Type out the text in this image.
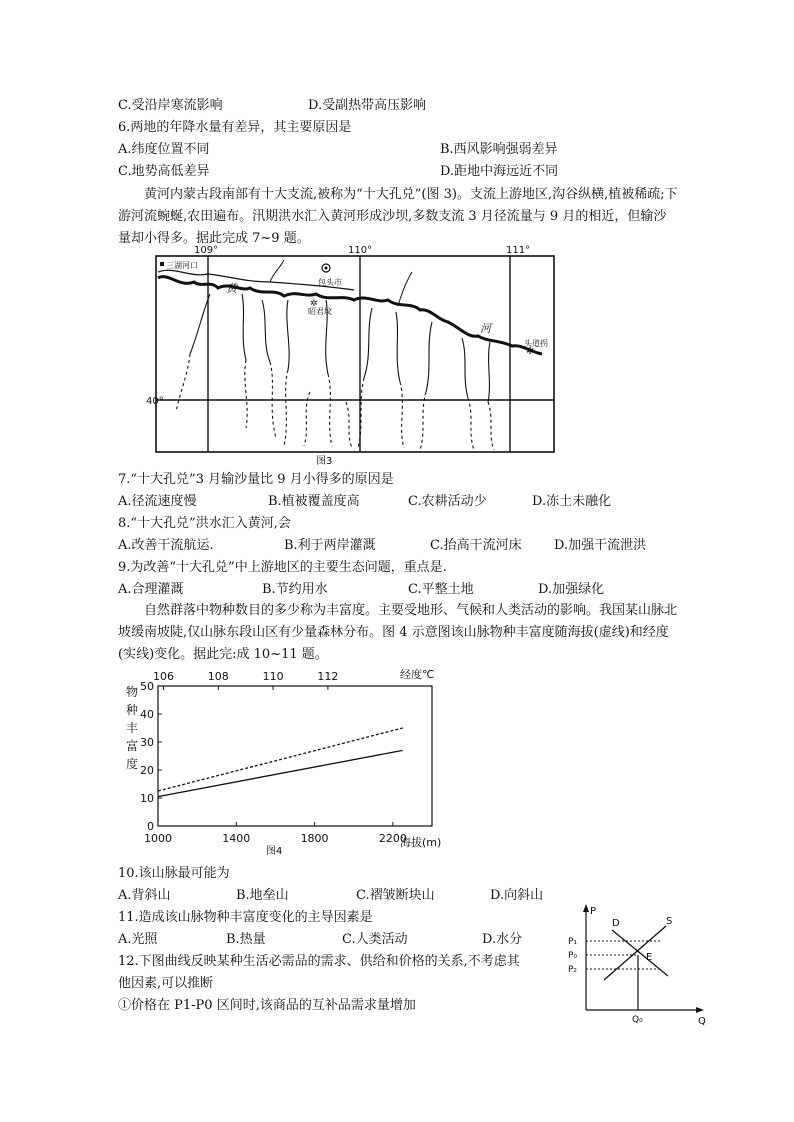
C.受沿岸寒流影响	D.受副热带高压影响
6.两地的年降水量有差异，其主要原因是
A.纬度位置不同	B.西风影响强弱差异
C.地势高低差异	D.距地中海远近不同
黄河内蒙古段南部有十大支流,被称为“十大孔兑”(图 3)。支流上游地区,沟谷纵横,植被稀疏;下游河流蜿蜒,农田遍布。汛期洪水汇入黄河形成沙坝,多数支流 3 月径流量与 9 月的相近，但输沙量却小得多。据此完成 7~9 题。
109°	110°	111°
40°
三湖河口
包头市
✲
昭君坟
✲
头道拐
黄
河
图3
7.“十大孔兑”3 月输沙量比 9 月小得多的原因是
A.径流速度慢	B.植被覆盖度高	C.农耕活动少	D.冻土未融化
8.“十大孔兑”洪水汇入黄河,会
A.改善干流航运.	B.利于两岸灌溉	C.抬高干流河床 D.加强干流泄洪
9.为改善“十大孔兑”中上游地区的主要生态问题，重点是.
A.合理灌溉	B.节约用水	C.平整土地	D.加强绿化
自然群落中物种数目的多少称为丰富度。主要受地形、气候和人类活动的影响。我国某山脉北坡缓南坡陡,仅山脉东段山区有少量森林分布。图 4 示意图该山脉物种丰富度随海拔(虚线)和经度(实线)变化。据此完:成 10~11 题。
0
10
20
30
40
50
1000	1400	1800	2200
106	108	110	112
物
种
丰
富
度
海拔(m)
经度℃
图4
10.该山脉最可能为
A.背斜山	B.地垒山	C.褶皱断块山	D.向斜山
11.造成该山脉物种丰富度变化的主导因素是
A.光照	B.热量	C.人类活动	D.水分
12.下图曲线反映某种生活必需品的需求、供给和价格的关系,不考虑其
他因素,可以推断
①价格在 P1-P0 区间时,该商品的互补品需求量增加
P
Q
D	S
E
P₁
P₀
P₂
Q₀
